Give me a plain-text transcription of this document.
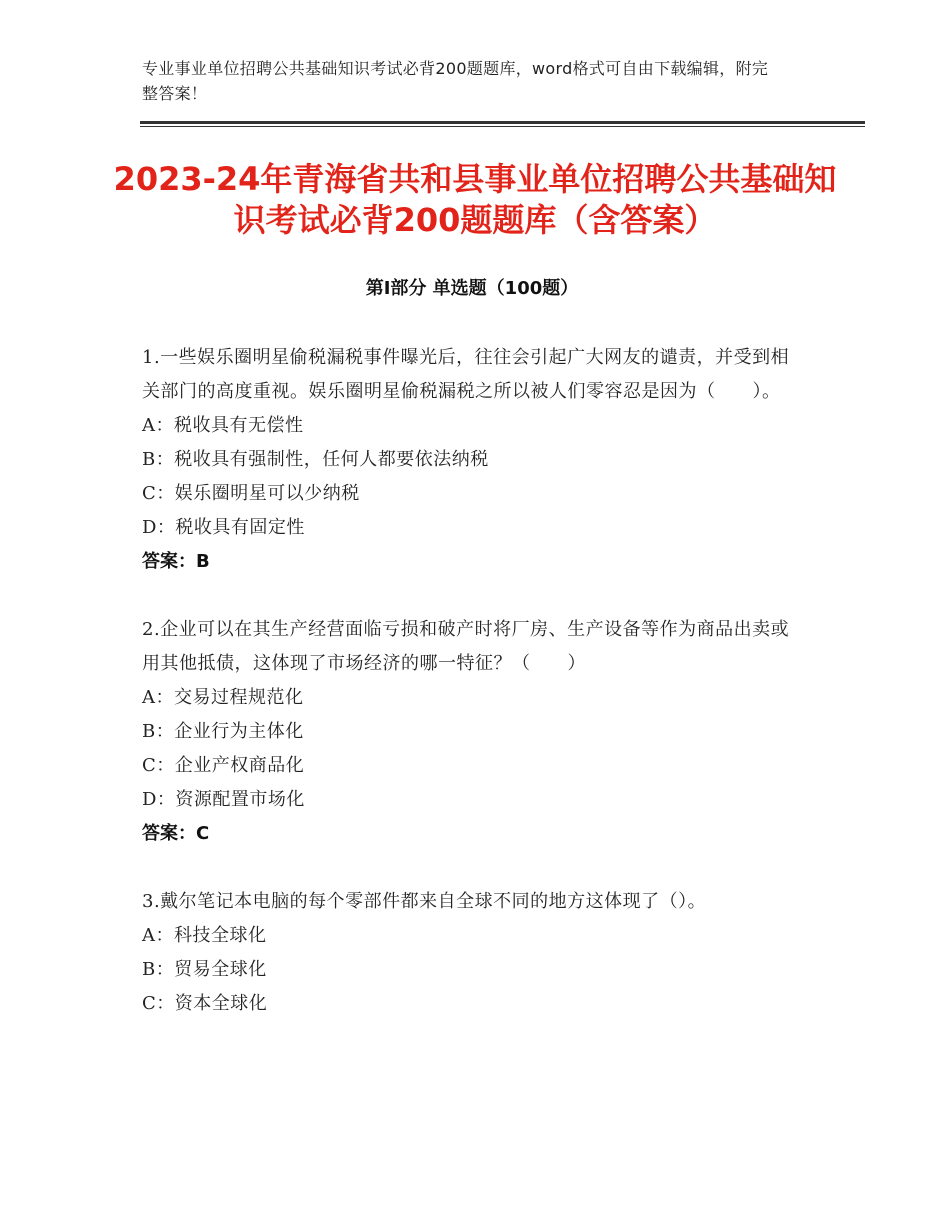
专业事业单位招聘公共基础知识考试必背200题题库，word格式可自由下载编辑，附完整答案！
2023-24年青海省共和县事业单位招聘公共基础知识考试必背200题题库（含答案）
第Ⅰ部分 单选题（100题）

1.一些娱乐圈明星偷税漏税事件曝光后，往往会引起广大网友的谴责，并受到相关部门的高度重视。娱乐圈明星偷税漏税之所以被人们零容忍是因为（　　）。

A：税收具有无偿性

B：税收具有强制性，任何人都要依法纳税

C：娱乐圈明星可以少纳税

D：税收具有固定性

答案：B

2.企业可以在其生产经营面临亏损和破产时将厂房、生产设备等作为商品出卖或用其他抵债，这体现了市场经济的哪一特征？（　　）

A：交易过程规范化

B：企业行为主体化

C：企业产权商品化

D：资源配置市场化

答案：C

3.戴尔笔记本电脑的每个零部件都来自全球不同的地方这体现了（）。

A：科技全球化

B：贸易全球化

C：资本全球化
